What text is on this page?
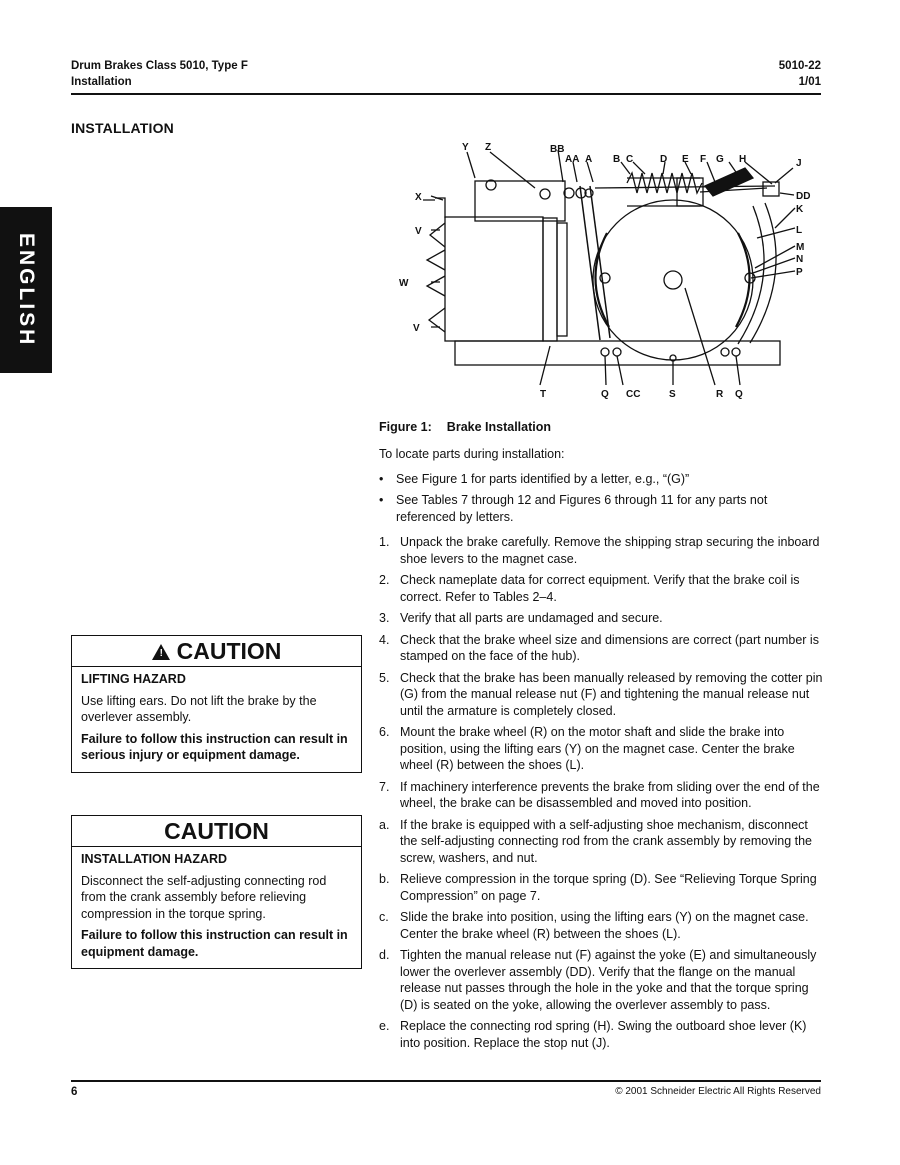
Drum Brakes Class 5010, Type F
Installation
5010-22
1/01
INSTALLATION
ENGLISH
Y Z	BB
AA A B C	D E F G H	J
X	DD
K
V	L
M
N
P
W
V
T	Q CC	S	R Q
Figure 1: Brake Installation

To locate parts during installation:

•	See Figure 1 for parts identified by a letter, e.g., “(G)”
•	See Tables 7 through 12 and Figures 6 through 11 for any parts not referenced by letters.
1. Unpack the brake carefully. Remove the shipping strap securing the inboard shoe levers to the magnet case.
2. Check nameplate data for correct equipment. Verify that the brake coil is correct. Refer to Tables 2–4.
3. Verify that all parts are undamaged and secure.
4. Check that the brake wheel size and dimensions are correct (part number is stamped on the face of the hub).
5. Check that the brake has been manually released by removing the cotter pin (G) from the manual release nut (F) and tightening the manual release nut until the armature is completely closed.
6. Mount the brake wheel (R) on the motor shaft and slide the brake into position, using the lifting ears (Y) on the magnet case. Center the brake wheel (R) between the shoes (L).
7. If machinery interference prevents the brake from sliding over the end of the wheel, the brake can be disassembled and moved into position.
a. If the brake is equipped with a self-adjusting shoe mechanism, disconnect the self-adjusting connecting rod from the crank assembly by removing the screw, washers, and nut.
b. Relieve compression in the torque spring (D). See “Relieving Torque Spring Compression” on page 7.
c. Slide the brake into position, using the lifting ears (Y) on the magnet case. Center the brake wheel (R) between the shoes (L).
d. Tighten the manual release nut (F) against the yoke (E) and simultaneously lower the overlever assembly (DD). Verify that the flange on the manual release nut passes through the hole in the yoke and that the torque spring (D) is seated on the yoke, allowing the overlever assembly to pass.
e. Replace the connecting rod spring (H). Swing the outboard shoe lever (K) into position. Replace the stop nut (J).
! CAUTION
LIFTING HAZARD
Use lifting ears. Do not lift the brake by the overlever assembly.
Failure to follow this instruction can result in serious injury or equipment damage.
CAUTION
INSTALLATION HAZARD
Disconnect the self-adjusting connecting rod from the crank assembly before relieving compression in the torque spring.
Failure to follow this instruction can result in equipment damage.
6	© 2001 Schneider Electric All Rights Reserved
